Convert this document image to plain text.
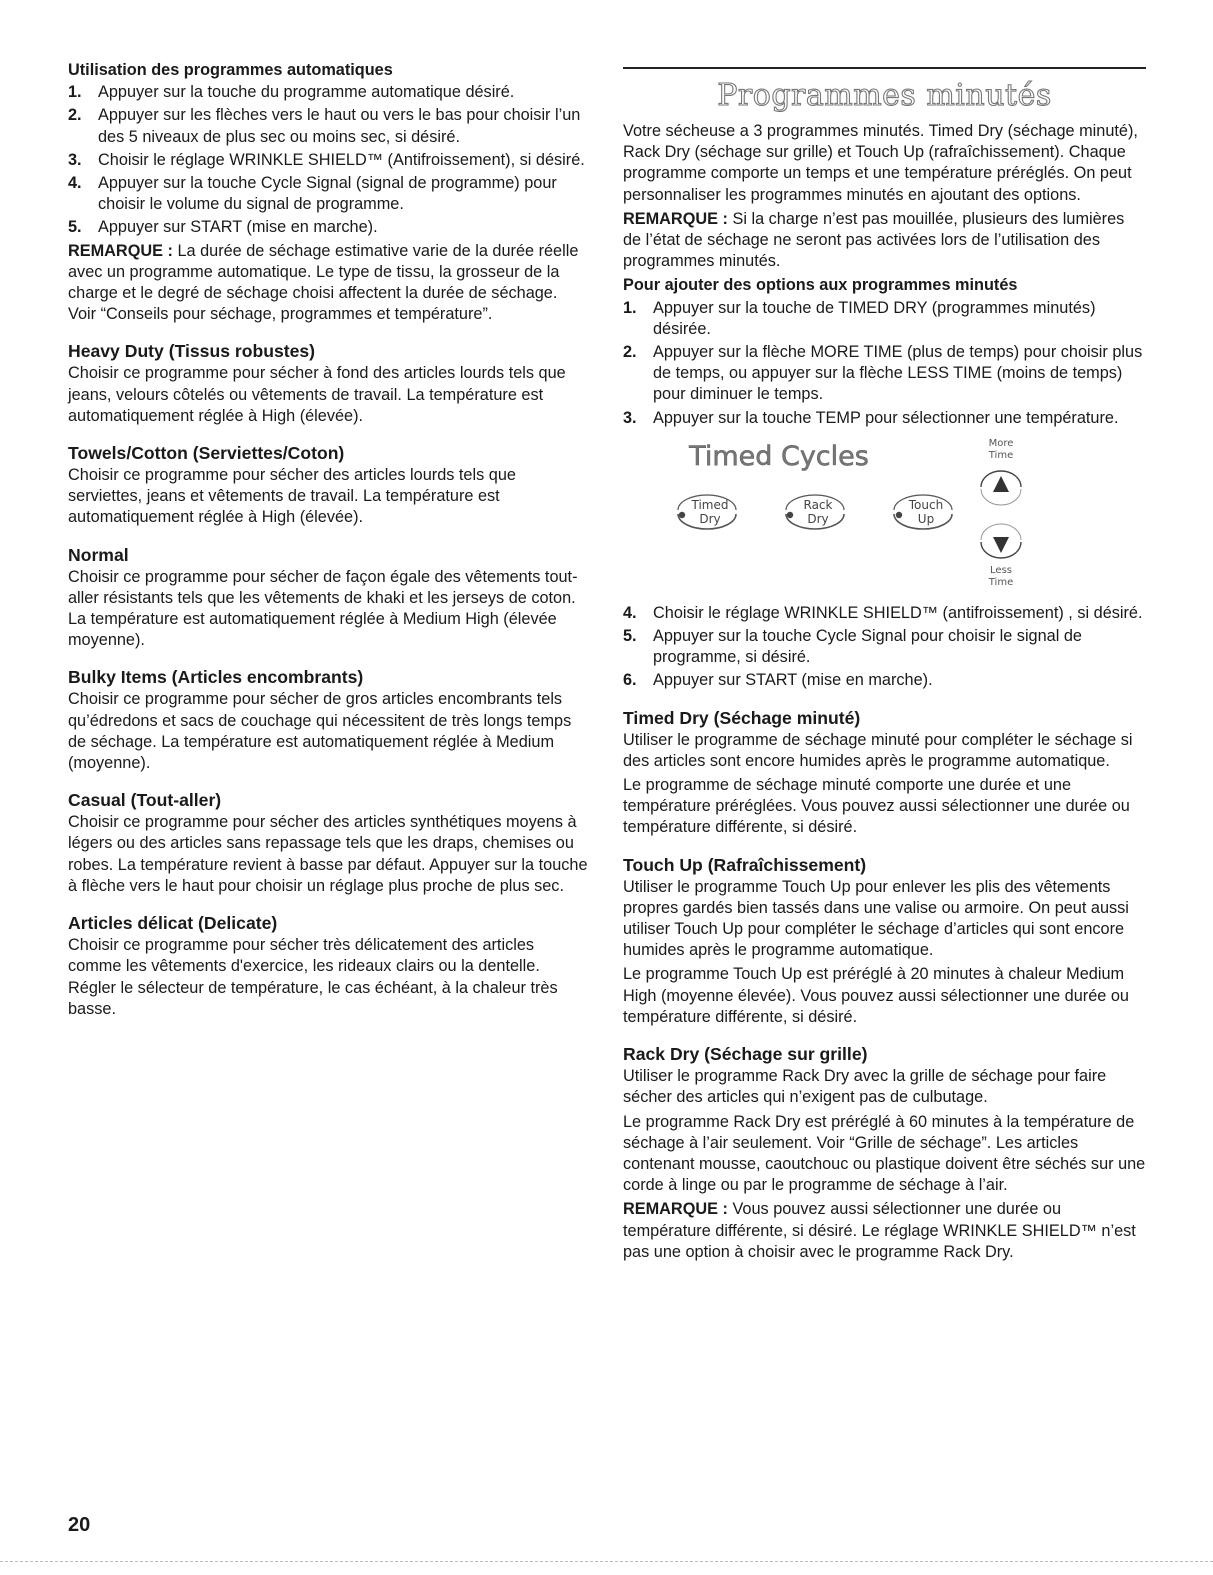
Utilisation des programmes automatiques
1. Appuyer sur la touche du programme automatique désiré.
2. Appuyer sur les flèches vers le haut ou vers le bas pour choisir l’un des 5 niveaux de plus sec ou moins sec, si désiré.
3. Choisir le réglage WRINKLE SHIELD™ (Antifroissement), si désiré.
4. Appuyer sur la touche Cycle Signal (signal de programme) pour choisir le volume du signal de programme.
5. Appuyer sur START (mise en marche).

REMARQUE : La durée de séchage estimative varie de la durée réelle avec un programme automatique. Le type de tissu, la grosseur de la charge et le degré de séchage choisi affectent la durée de séchage. Voir “Conseils pour séchage, programmes et température”.

Heavy Duty (Tissus robustes)

Choisir ce programme pour sécher à fond des articles lourds tels que jeans, velours côtelés ou vêtements de travail. La température est automatiquement réglée à High (élevée).

Towels/Cotton (Serviettes/Coton)

Choisir ce programme pour sécher des articles lourds tels que serviettes, jeans et vêtements de travail. La température est automatiquement réglée à High (élevée).

Normal

Choisir ce programme pour sécher de façon égale des vêtements tout-aller résistants tels que les vêtements de khaki et les jerseys de coton. La température est automatiquement réglée à Medium High (élevée moyenne).

Bulky Items (Articles encombrants)

Choisir ce programme pour sécher de gros articles encombrants tels qu’édredons et sacs de couchage qui nécessitent de très longs temps de séchage. La température est automatiquement réglée à Medium (moyenne).

Casual (Tout-aller)

Choisir ce programme pour sécher des articles synthétiques moyens à légers ou des articles sans repassage tels que les draps, chemises ou robes. La température revient à basse par défaut. Appuyer sur la touche à flèche vers le haut pour choisir un réglage plus proche de plus sec.

Articles délicat (Delicate)

Choisir ce programme pour sécher très délicatement des articles comme les vêtements d'exercice, les rideaux clairs ou la dentelle. Régler le sélecteur de température, le cas échéant, à la chaleur très basse.

Programmes minutés

Votre sécheuse a 3 programmes minutés. Timed Dry (séchage minuté), Rack Dry (séchage sur grille) et Touch Up (rafraîchissement). Chaque programme comporte un temps et une température préréglés. On peut personnaliser les programmes minutés en ajoutant des options.

REMARQUE : Si la charge n’est pas mouillée, plusieurs des lumières de l’état de séchage ne seront pas activées lors de l’utilisation des programmes minutés.

Pour ajouter des options aux programmes minutés
1. Appuyer sur la touche de TIMED DRY (programmes minutés) désirée.
2. Appuyer sur la flèche MORE TIME (plus de temps) pour choisir plus de temps, ou appuyer sur la flèche LESS TIME (moins de temps) pour diminuer le temps.
3. Appuyer sur la touche TEMP pour sélectionner une température.
Timed Cycles	More
Time
Timed
Dry
Rack
Dry
Touch
Up
Less
Time
4. Choisir le réglage WRINKLE SHIELD™ (antifroissement) , si désiré.
5. Appuyer sur la touche Cycle Signal pour choisir le signal de programme, si désiré.
6. Appuyer sur START (mise en marche).
Timed Dry (Séchage minuté)

Utiliser le programme de séchage minuté pour compléter le séchage si des articles sont encore humides après le programme automatique.

Le programme de séchage minuté comporte une durée et une température préréglées. Vous pouvez aussi sélectionner une durée ou température différente, si désiré.

Touch Up (Rafraîchissement)

Utiliser le programme Touch Up pour enlever les plis des vêtements propres gardés bien tassés dans une valise ou armoire. On peut aussi utiliser Touch Up pour compléter le séchage d’articles qui sont encore humides après le programme automatique.

Le programme Touch Up est préréglé à 20 minutes à chaleur Medium High (moyenne élevée). Vous pouvez aussi sélectionner une durée ou température différente, si désiré.

Rack Dry (Séchage sur grille)

Utiliser le programme Rack Dry avec la grille de séchage pour faire sécher des articles qui n’exigent pas de culbutage.

Le programme Rack Dry est préréglé à 60 minutes à la température de séchage à l’air seulement. Voir “Grille de séchage”. Les articles contenant mousse, caoutchouc ou plastique doivent être séchés sur une corde à linge ou par le programme de séchage à l’air.

REMARQUE : Vous pouvez aussi sélectionner une durée ou température différente, si désiré. Le réglage WRINKLE SHIELD™ n’est pas une option à choisir avec le programme Rack Dry.

20
